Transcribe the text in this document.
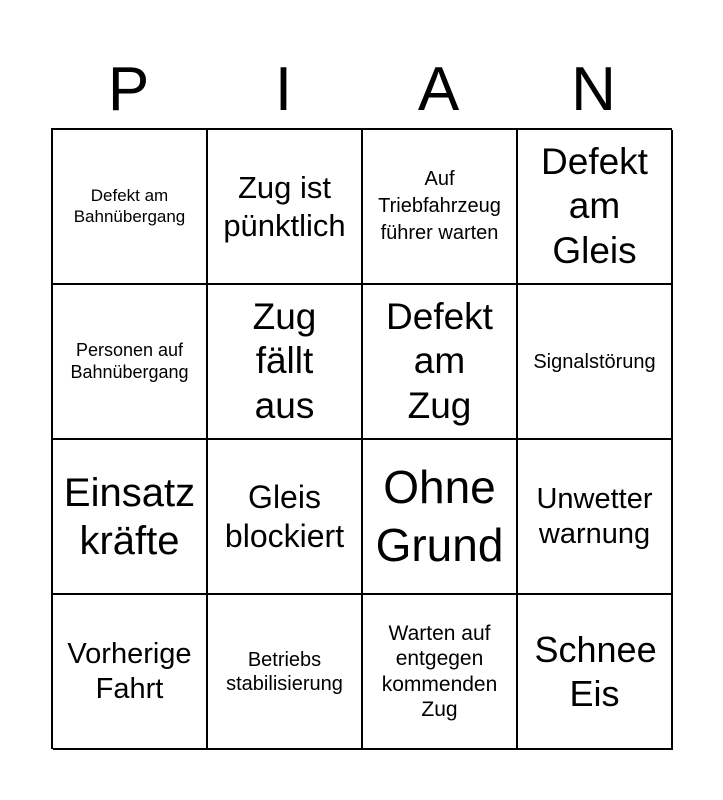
P	I	A	N
Defekt am Bahnübergang
Zug ist pünktlich
Auf Triebfahrzeug führer warten
Defekt am Gleis
Personen auf Bahnübergang
Zug fällt aus
Defekt am Zug
Signalstörung
Einsatz kräfte
Gleis blockiert
Ohne Grund
Unwetter warnung
Vorherige Fahrt
Betriebs stabilisierung
Warten auf entgegen kommenden Zug
Schnee Eis
